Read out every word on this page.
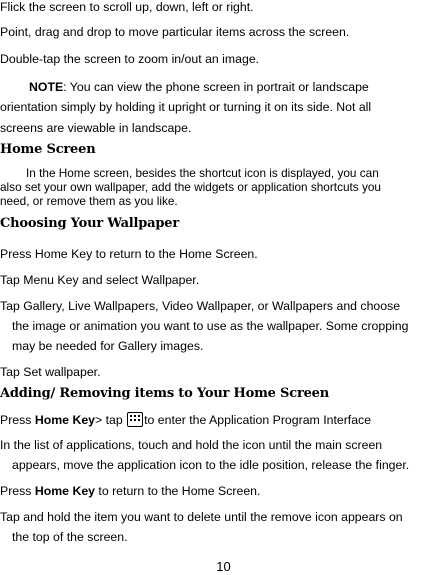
Flick the screen to scroll up, down, left or right.
Point, drag and drop to move particular items across the screen.
Double-tap the screen to zoom in/out an image.
NOTE: You can view the phone screen in portrait or landscape
orientation simply by holding it upright or turning it on its side. Not all
screens are viewable in landscape.
Home Screen
In the Home screen, besides the shortcut icon is displayed, you can
also set your own wallpaper, add the widgets or application shortcuts you
need, or remove them as you like.
Choosing Your Wallpaper
Press Home Key to return to the Home Screen.
Tap Menu Key and select Wallpaper.
Tap Gallery, Live Wallpapers, Video Wallpaper, or Wallpapers and choose
the image or animation you want to use as the wallpaper. Some cropping
may be needed for Gallery images.
Tap Set wallpaper.
Adding/ Removing items to Your Home Screen
Press Home Key> tap
to enter the Application Program Interface
In the list of applications, touch and hold the icon until the main screen
appears, move the application icon to the idle position, release the finger.
Press Home Key to return to the Home Screen.
Tap and hold the item you want to delete until the remove icon appears on
the top of the screen.
10
